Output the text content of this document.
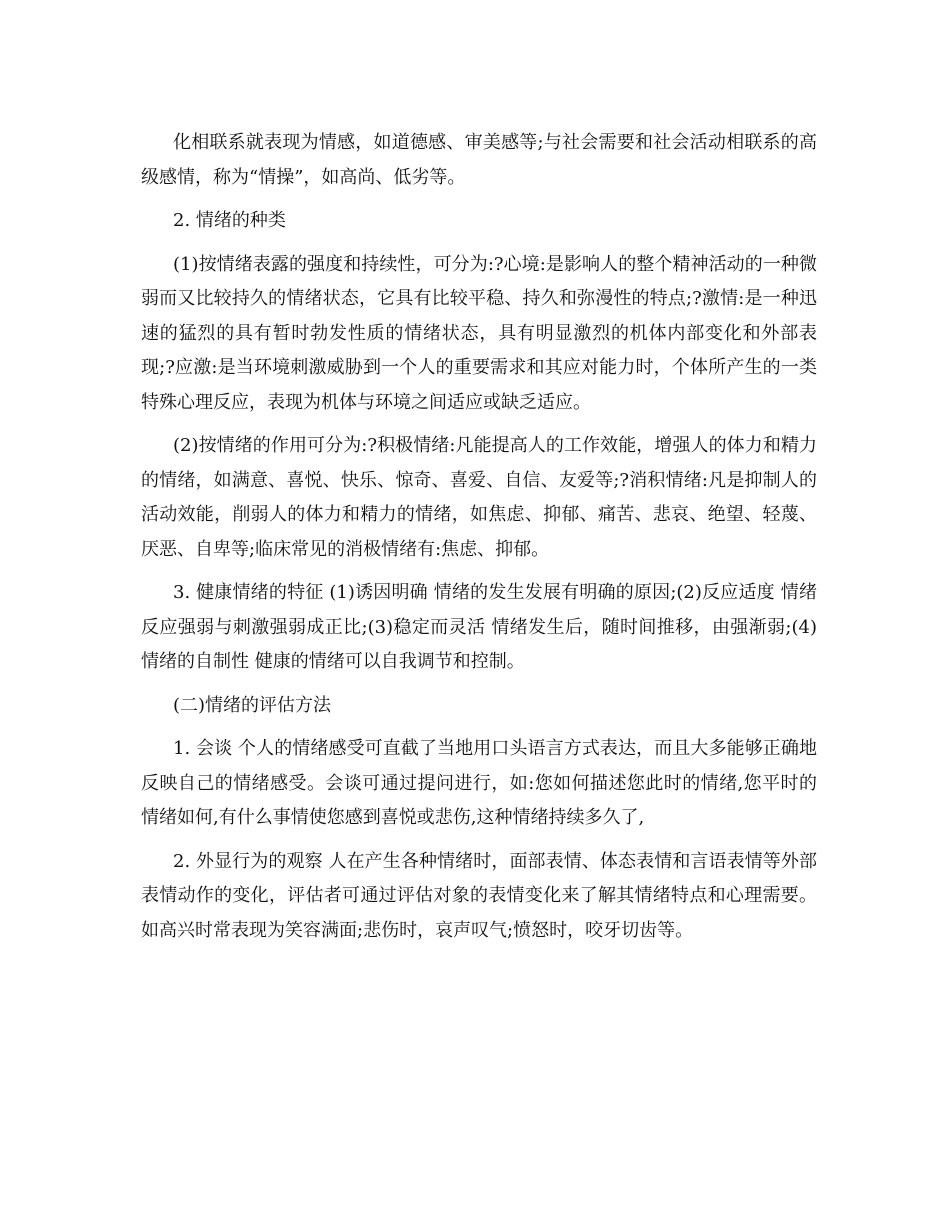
化相联系就表现为情感，如道德感、审美感等;与社会需要和社会活动相联系的高级感情，称为“情操”，如高尚、低劣等。

2. 情绪的种类

(1)按情绪表露的强度和持续性，可分为:?心境:是影响人的整个精神活动的一种微弱而又比较持久的情绪状态，它具有比较平稳、持久和弥漫性的特点;?激情:是一种迅速的猛烈的具有暂时勃发性质的情绪状态，具有明显激烈的机体内部变化和外部表现;?应激:是当环境刺激威胁到一个人的重要需求和其应对能力时，个体所产生的一类特殊心理反应，表现为机体与环境之间适应或缺乏适应。

(2)按情绪的作用可分为:?积极情绪:凡能提高人的工作效能，增强人的体力和精力的情绪，如满意、喜悦、快乐、惊奇、喜爱、自信、友爱等;?消积情绪:凡是抑制人的活动效能，削弱人的体力和精力的情绪，如焦虑、抑郁、痛苦、悲哀、绝望、轻蔑、厌恶、自卑等;临床常见的消极情绪有:焦虑、抑郁。

3. 健康情绪的特征 (1)诱因明确 情绪的发生发展有明确的原因;(2)反应适度 情绪反应强弱与刺激强弱成正比;(3)稳定而灵活 情绪发生后，随时间推移，由强渐弱;(4)情绪的自制性 健康的情绪可以自我调节和控制。

(二)情绪的评估方法

1. 会谈 个人的情绪感受可直截了当地用口头语言方式表达，而且大多能够正确地反映自己的情绪感受。会谈可通过提问进行，如:您如何描述您此时的情绪,您平时的情绪如何,有什么事情使您感到喜悦或悲伤,这种情绪持续多久了,

2. 外显行为的观察 人在产生各种情绪时，面部表情、体态表情和言语表情等外部表情动作的变化，评估者可通过评估对象的表情变化来了解其情绪特点和心理需要。如高兴时常表现为笑容满面;悲伤时，哀声叹气;愤怒时，咬牙切齿等。
